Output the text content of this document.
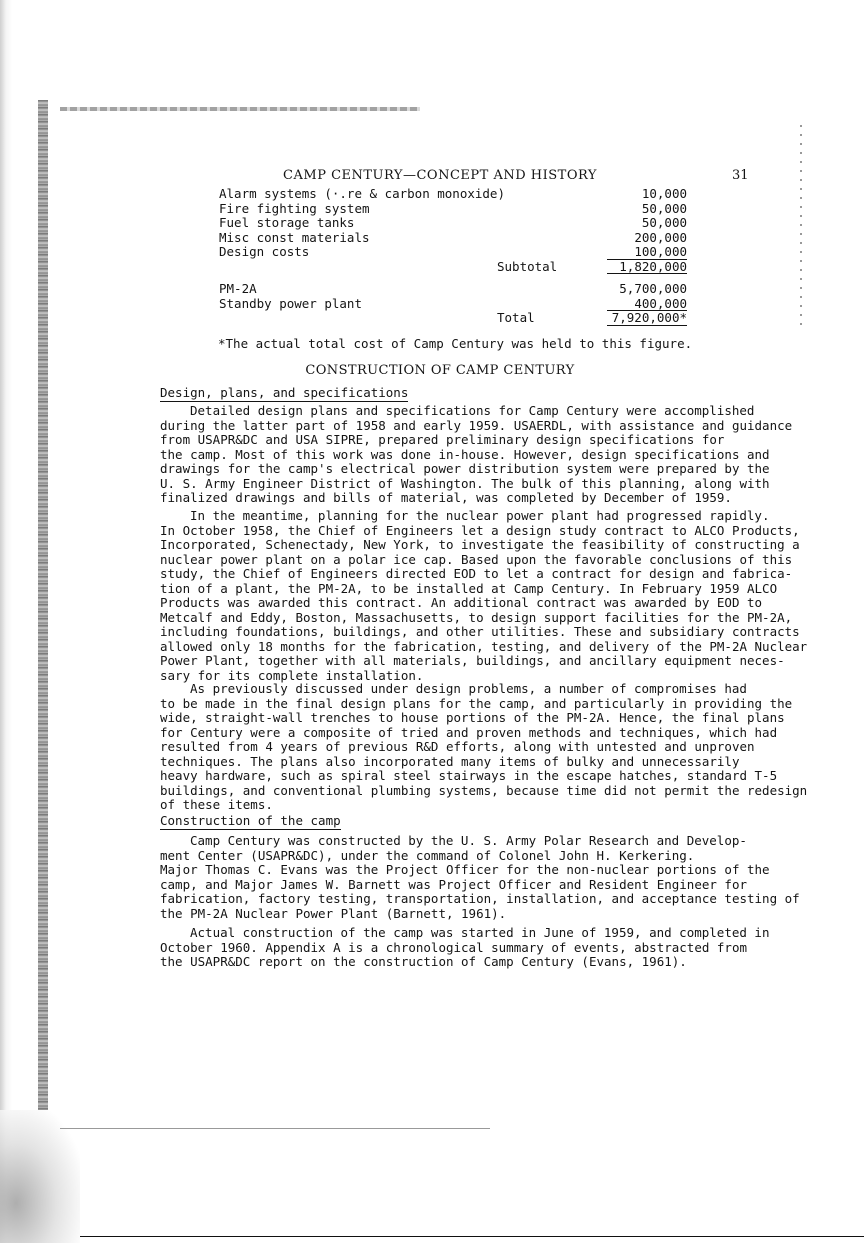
CAMP CENTURY—CONCEPT AND HISTORY	31
Alarm systems (·.re & carbon monoxide)	10,000
Fire fighting system	50,000
Fuel storage tanks	50,000
Misc const materials	200,000
Design costs	100,000
Subtotal	1,820,000
PM-2A	5,700,000
Standby power plant	400,000
Total	7,920,000*
*The actual total cost of Camp Century was held to this figure.
CONSTRUCTION OF CAMP CENTURY
Design, plans, and specifications

Detailed design plans and specifications for Camp Century were accomplished
during the latter part of 1958 and early 1959. USAERDL, with assistance and guidance
from USAPR&DC and USA SIPRE, prepared preliminary design specifications for
the camp. Most of this work was done in-house. However, design specifications and
drawings for the camp's electrical power distribution system were prepared by the
U. S. Army Engineer District of Washington. The bulk of this planning, along with
finalized drawings and bills of material, was completed by December of 1959.

In the meantime, planning for the nuclear power plant had progressed rapidly.
In October 1958, the Chief of Engineers let a design study contract to ALCO Products,
Incorporated, Schenectady, New York, to investigate the feasibility of constructing a
nuclear power plant on a polar ice cap. Based upon the favorable conclusions of this
study, the Chief of Engineers directed EOD to let a contract for design and fabrica-
tion of a plant, the PM-2A, to be installed at Camp Century. In February 1959 ALCO
Products was awarded this contract. An additional contract was awarded by EOD to
Metcalf and Eddy, Boston, Massachusetts, to design support facilities for the PM-2A,
including foundations, buildings, and other utilities. These and subsidiary contracts
allowed only 18 months for the fabrication, testing, and delivery of the PM-2A Nuclear
Power Plant, together with all materials, buildings, and ancillary equipment neces-
sary for its complete installation.

As previously discussed under design problems, a number of compromises had
to be made in the final design plans for the camp, and particularly in providing the
wide, straight-wall trenches to house portions of the PM-2A. Hence, the final plans
for Century were a composite of tried and proven methods and techniques, which had
resulted from 4 years of previous R&D efforts, along with untested and unproven
techniques. The plans also incorporated many items of bulky and unnecessarily
heavy hardware, such as spiral steel stairways in the escape hatches, standard T-5
buildings, and conventional plumbing systems, because time did not permit the redesign
of these items.

Construction of the camp

Camp Century was constructed by the U. S. Army Polar Research and Develop-
ment Center (USAPR&DC), under the command of Colonel John H. Kerkering.
Major Thomas C. Evans was the Project Officer for the non-nuclear portions of the
camp, and Major James W. Barnett was Project Officer and Resident Engineer for
fabrication, factory testing, transportation, installation, and acceptance testing of
the PM-2A Nuclear Power Plant (Barnett, 1961).

Actual construction of the camp was started in June of 1959, and completed in
October 1960. Appendix A is a chronological summary of events, abstracted from
the USAPR&DC report on the construction of Camp Century (Evans, 1961).
